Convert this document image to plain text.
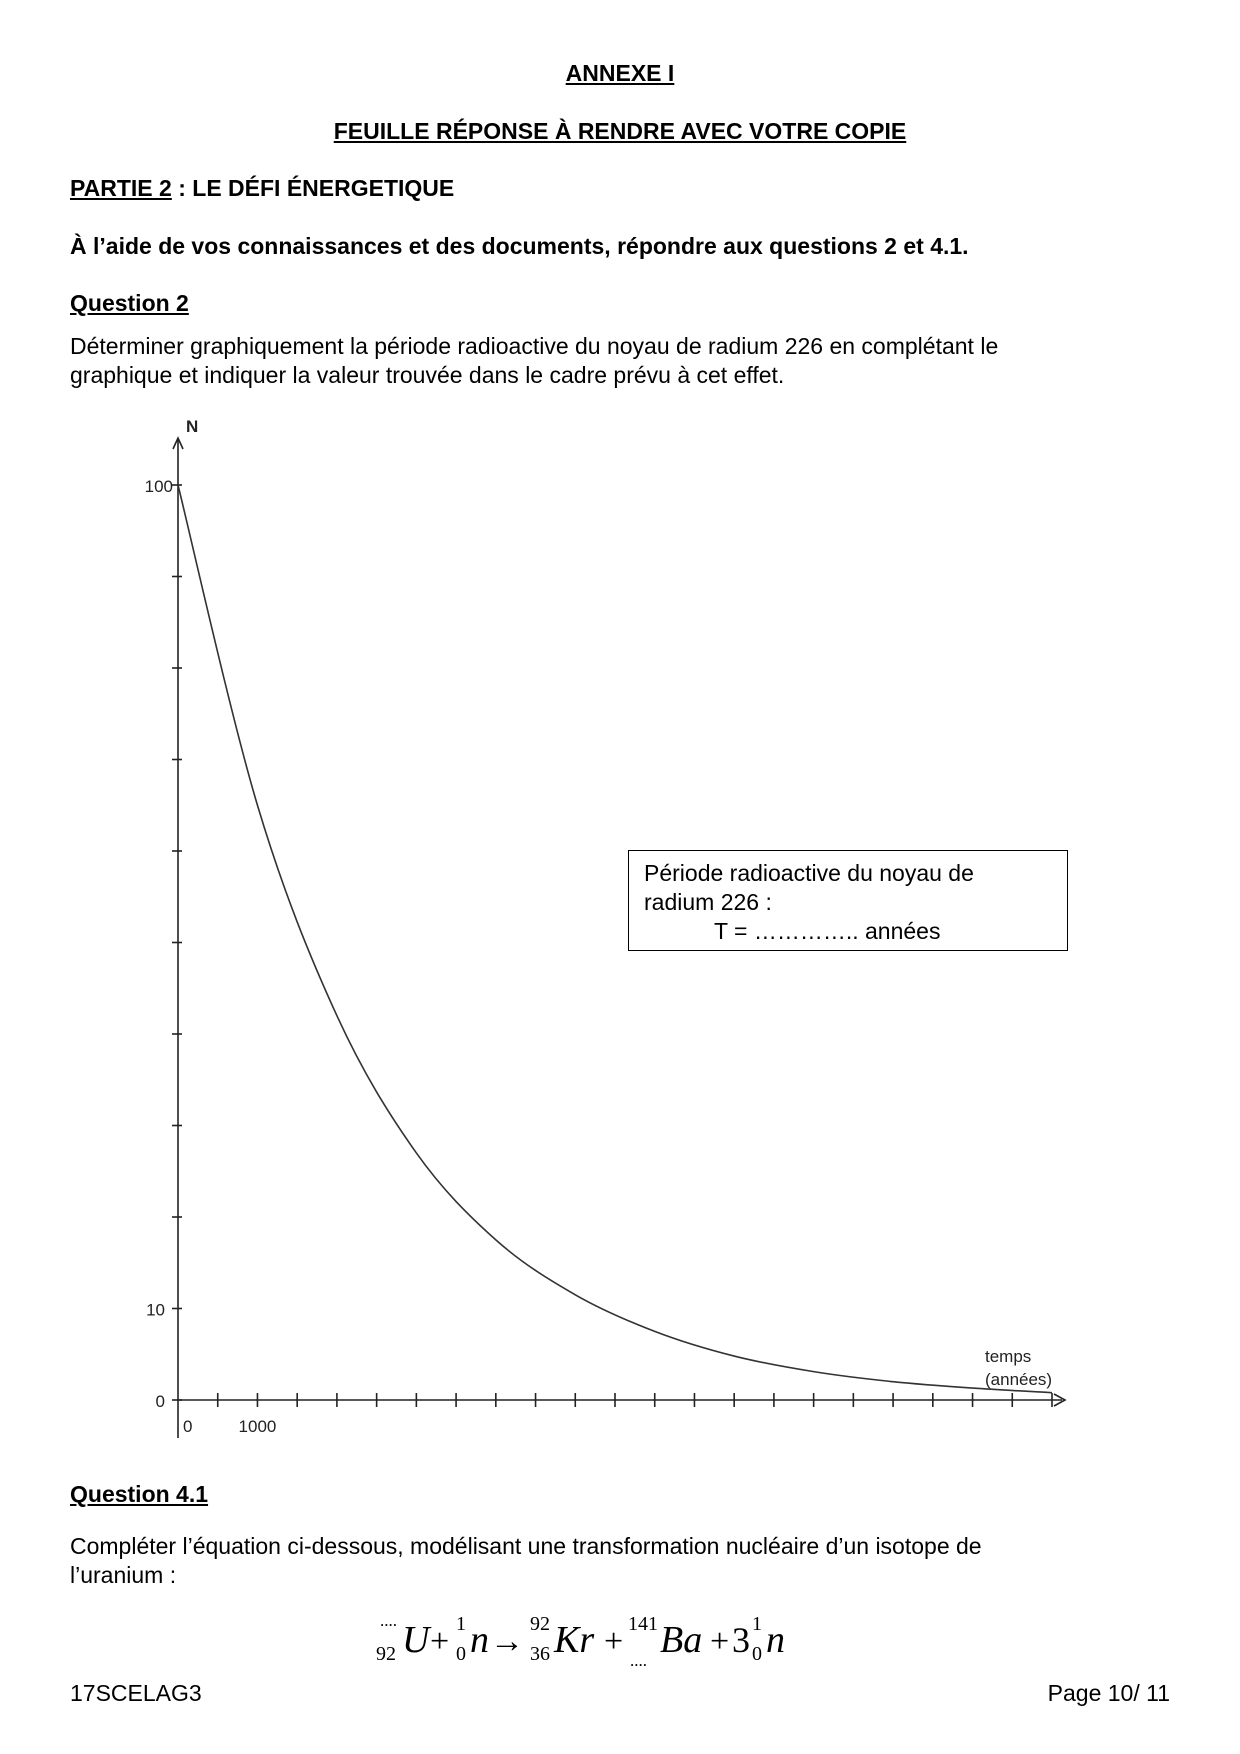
ANNEXE I
FEUILLE RÉPONSE À RENDRE AVEC VOTRE COPIE
PARTIE 2 : LE DÉFI ÉNERGETIQUE
À l’aide de vos connaissances et des documents, répondre aux questions 2 et 4.1.
Question 2
Déterminer graphiquement la période radioactive du noyau de radium 226 en complétant le
graphique et indiquer la valeur trouvée dans le cadre prévu à cet effet.
N
100
10
0
0	1000
temps
(années)
Période radioactive du noyau de
radium 226 :
T = ………….. années
Question 4.1
Compléter l’équation ci-dessous, modélisant une transformation nucléaire d’un isotope de
l’uranium :
....
92 U + 1
0 n → 92
36 Kr + 141
.... Ba + 3 1
0 n
17SCELAG3	Page 10/ 11
